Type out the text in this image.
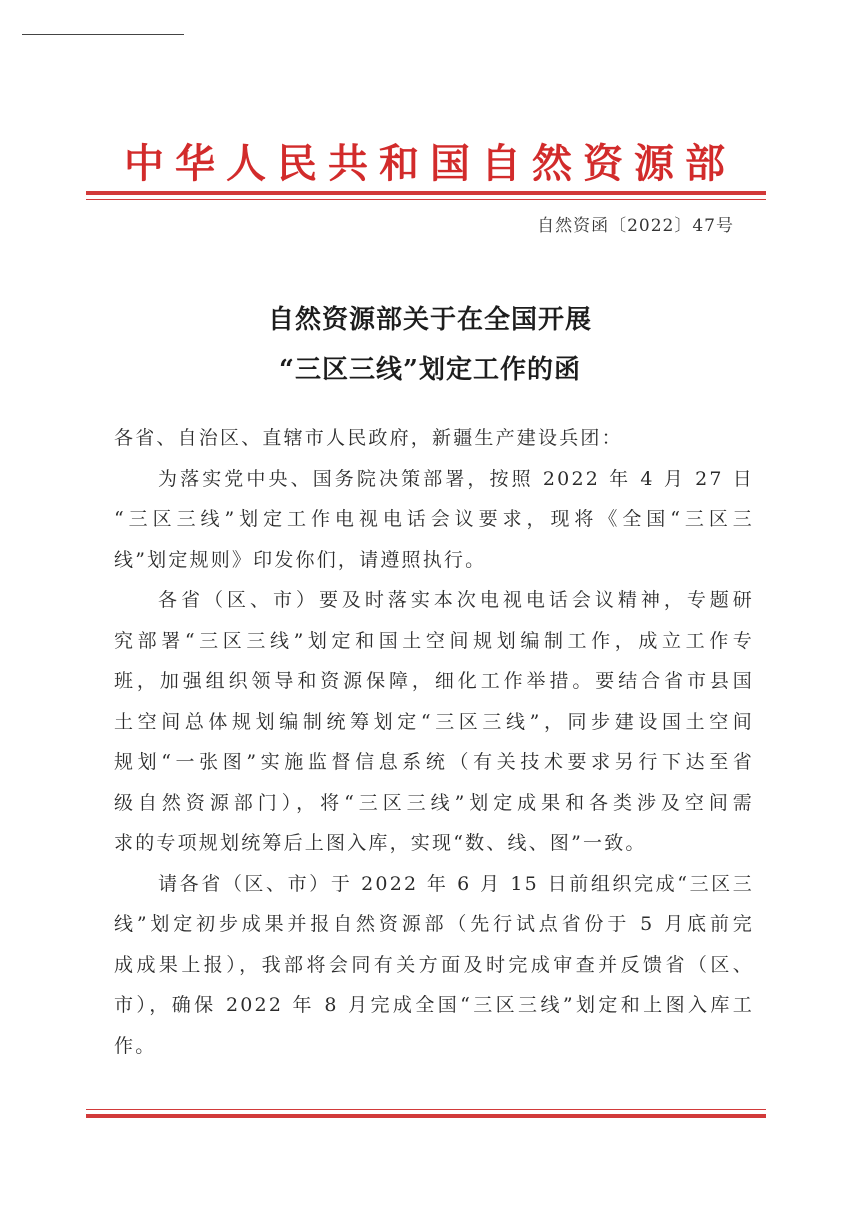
中华人民共和国自然资源部
自然资函〔2022〕47号
自然资源部关于在全国开展
“三区三线”划定工作的函
各省、自治区、直辖市人民政府，新疆生产建设兵团：
为落实党中央、国务院决策部署，按照 2022 年 4 月 27 日
“三区三线”划定工作电视电话会议要求，现将《全国“三区三
线”划定规则》印发你们，请遵照执行。
各省（区、市）要及时落实本次电视电话会议精神，专题研
究部署“三区三线”划定和国土空间规划编制工作，成立工作专
班，加强组织领导和资源保障，细化工作举措。要结合省市县国
土空间总体规划编制统筹划定“三区三线”，同步建设国土空间
规划“一张图”实施监督信息系统（有关技术要求另行下达至省
级自然资源部门），将“三区三线”划定成果和各类涉及空间需
求的专项规划统筹后上图入库，实现“数、线、图”一致。
请各省（区、市）于 2022 年 6 月 15 日前组织完成“三区三
线”划定初步成果并报自然资源部（先行试点省份于 5 月底前完
成成果上报），我部将会同有关方面及时完成审查并反馈省（区、
市），确保 2022 年 8 月完成全国“三区三线”划定和上图入库工
作。
